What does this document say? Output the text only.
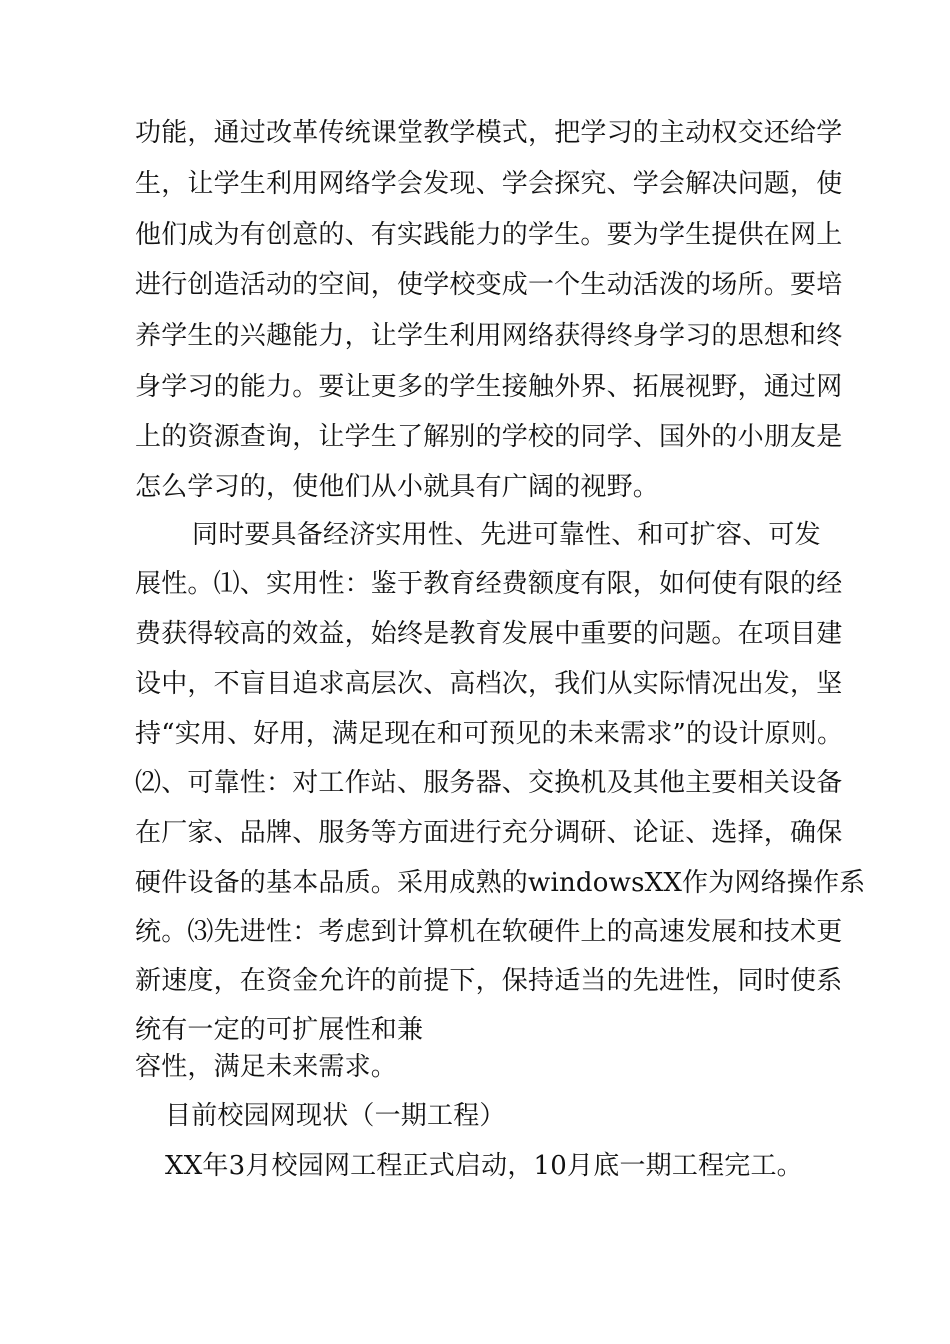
功能，通过改革传统课堂教学模式，把学习的主动权交还给学
生，让学生利用网络学会发现、学会探究、学会解决问题，使
他们成为有创意的、有实践能力的学生。要为学生提供在网上
进行创造活动的空间，使学校变成一个生动活泼的场所。要培
养学生的兴趣能力，让学生利用网络获得终身学习的思想和终
身学习的能力。要让更多的学生接触外界、拓展视野，通过网
上的资源查询，让学生了解别的学校的同学、国外的小朋友是
怎么学习的，使他们从小就具有广阔的视野。
同时要具备经济实用性、先进可靠性、和可扩容、可发
展性。⑴、实用性：鉴于教育经费额度有限，如何使有限的经
费获得较高的效益，始终是教育发展中重要的问题。在项目建
设中，不盲目追求高层次、高档次，我们从实际情况出发，坚
持“实用、好用，满足现在和可预见的未来需求”的设计原则。
⑵、可靠性：对工作站、服务器、交换机及其他主要相关设备
在厂家、品牌、服务等方面进行充分调研、论证、选择，确保
硬件设备的基本品质。采用成熟的windowsXX作为网络操作系
统。⑶先进性：考虑到计算机在软硬件上的高速发展和技术更
新速度，在资金允许的前提下，保持适当的先进性，同时使系
统有一定的可扩展性和兼
容性，满足未来需求。
目前校园网现状（一期工程）
XX年3月校园网工程正式启动，10月底一期工程完工。
